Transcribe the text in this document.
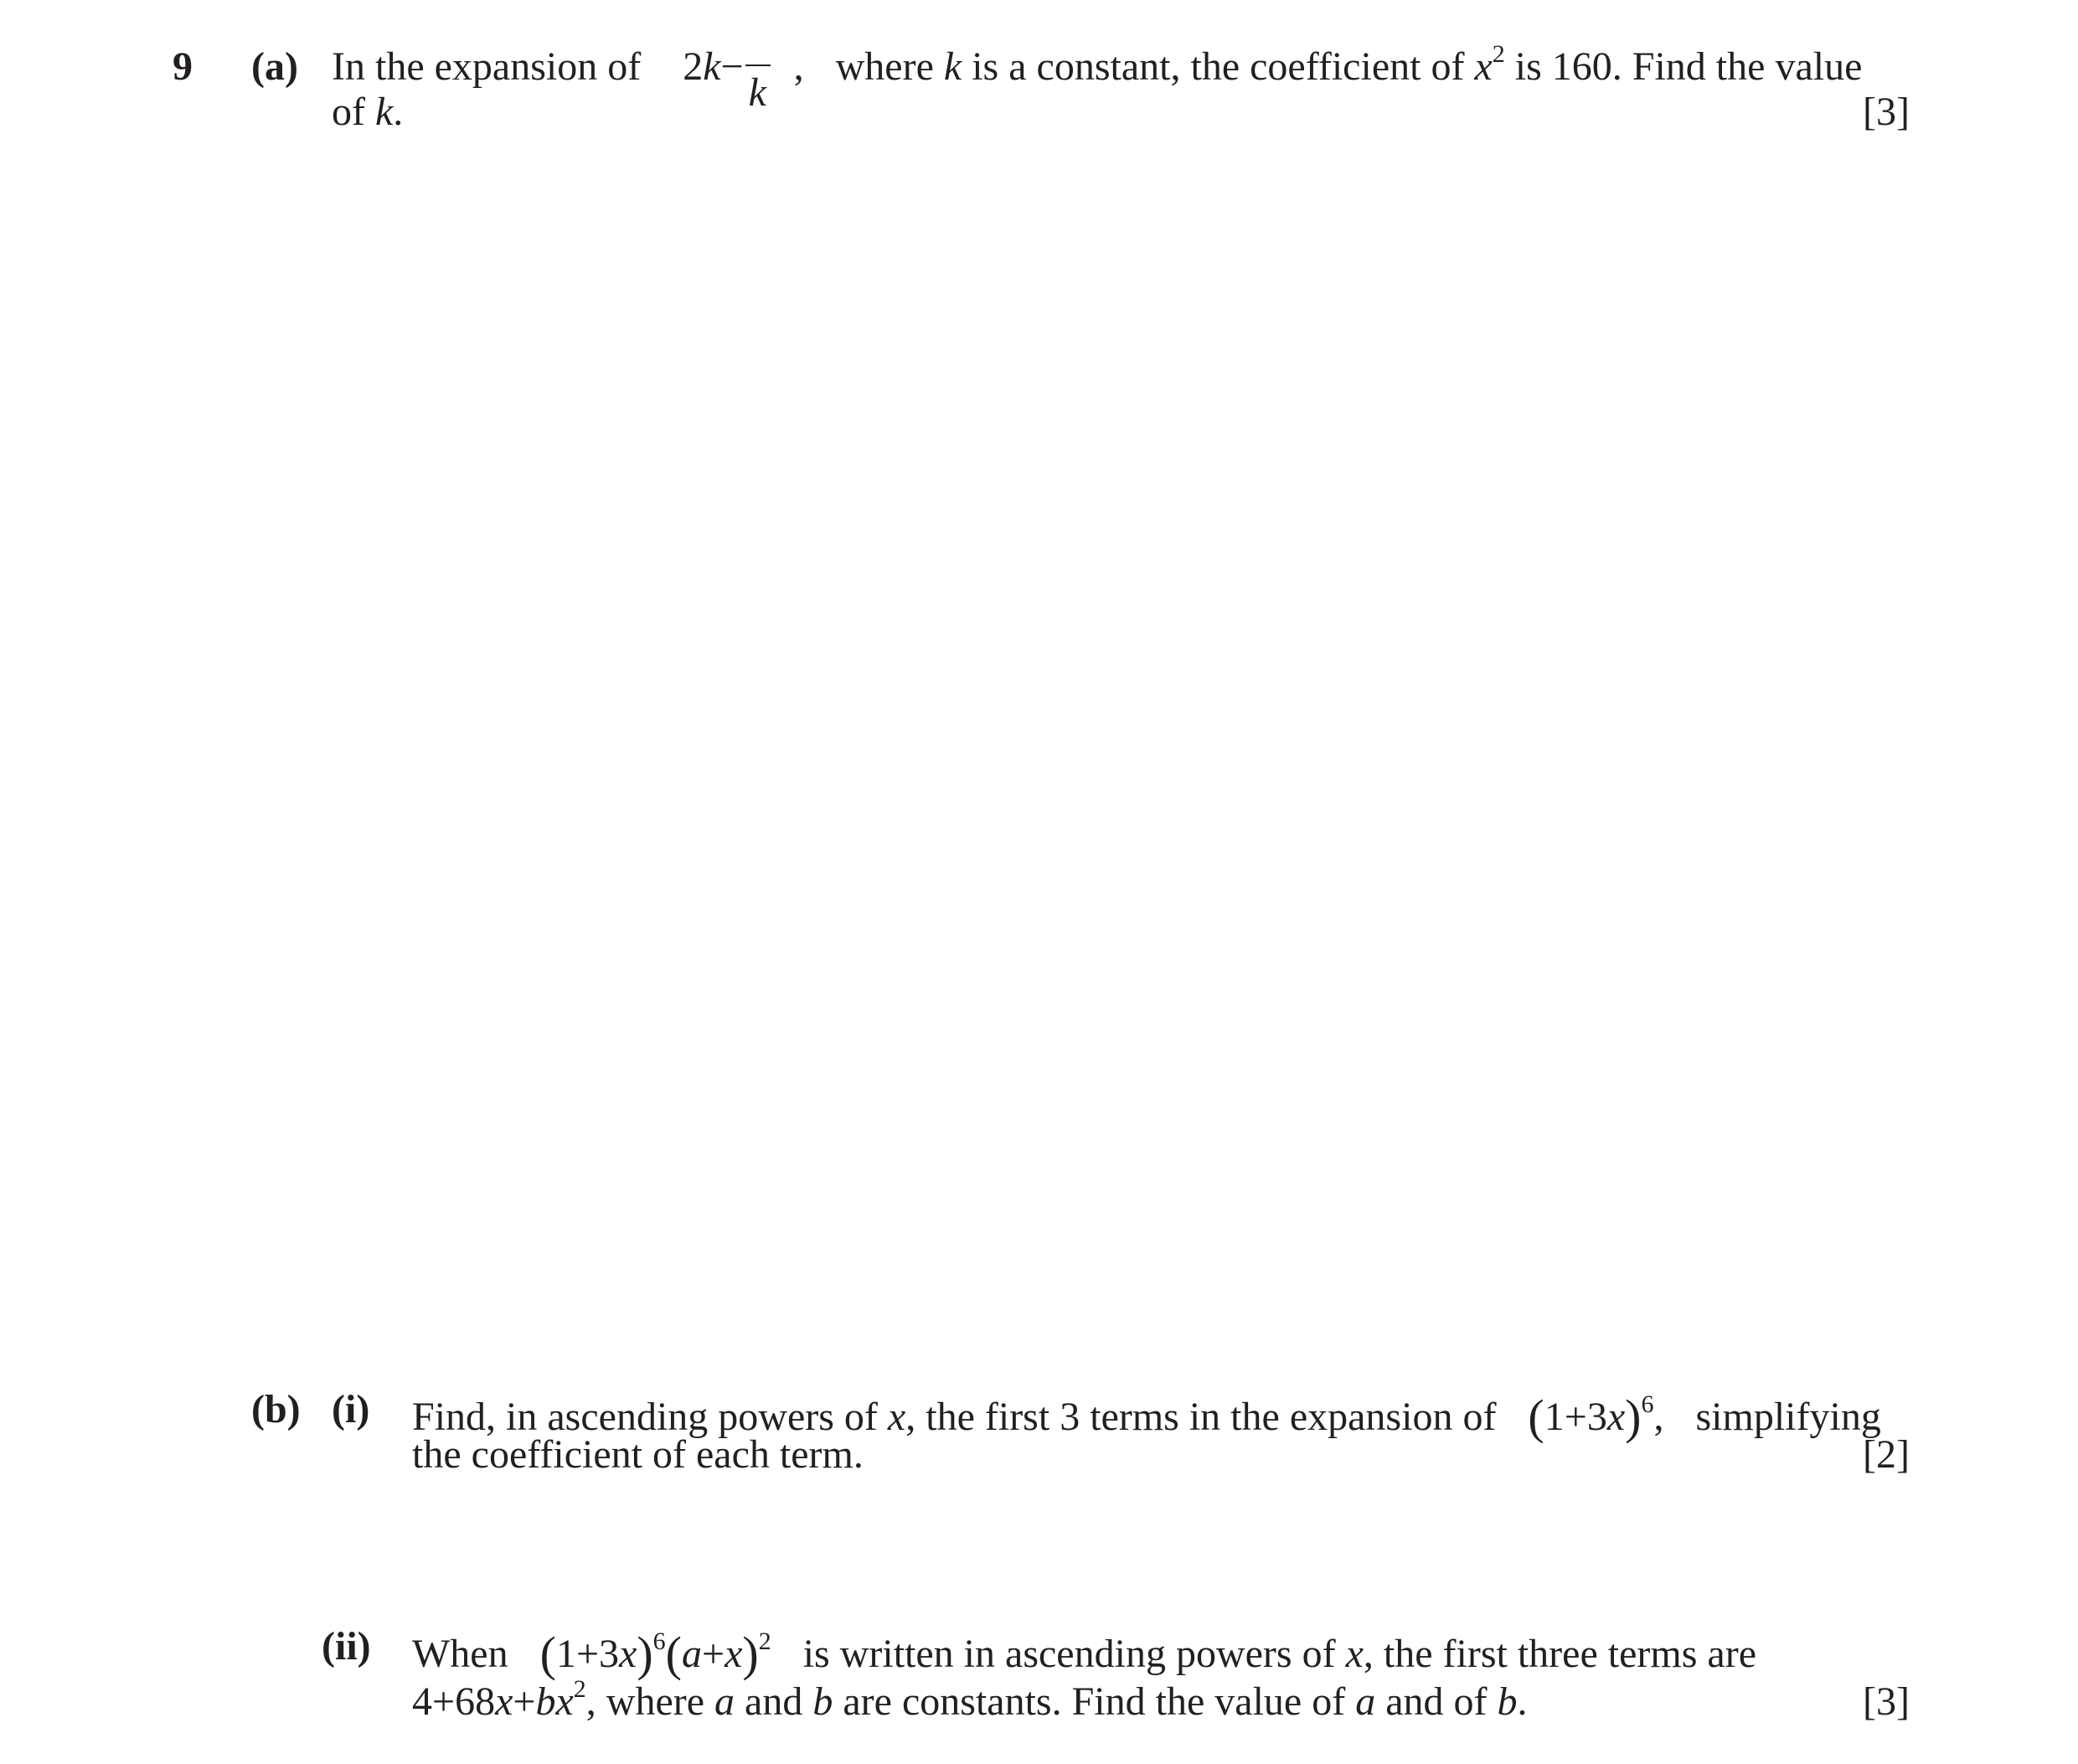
9 (a) In the expansion of 2k−
k
, where k is a constant, the coefficient of $x^2$ is 160. Find the value
of k.	[3]
(b) (i) Find, in ascending powers of x, the first 3 terms in the expansion of $(1+3x)^6$, simplifying
the coefficient of each term.	[2]
(ii) When $(1+3x)^6(a+x)^2$ is written in ascending powers of x, the first three terms are
$4+68x+bx^2$, where a and b are constants. Find the value of a and of b.	[3]
